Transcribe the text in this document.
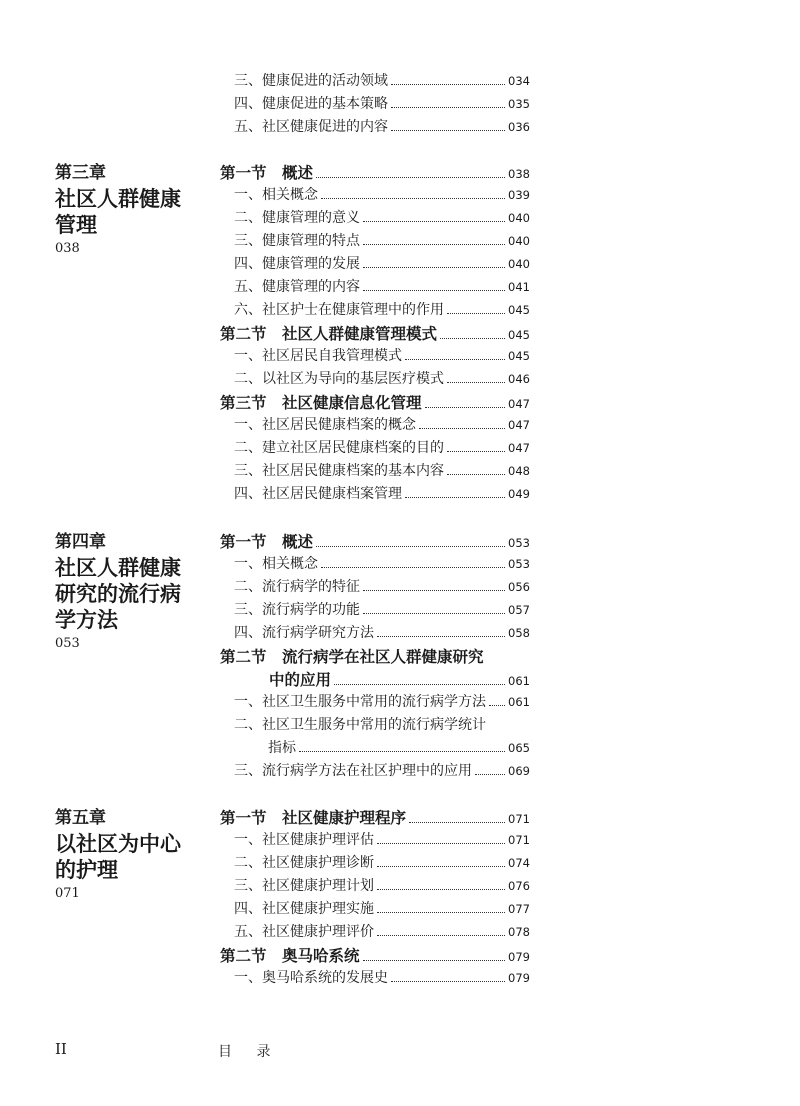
三、健康促进的活动领域	034
四、健康促进的基本策略	035
五、社区健康促进的内容	036
第三章
社区人群健康
管理
038
第一节　概述	038
一、相关概念	039
二、健康管理的意义	040
三、健康管理的特点	040
四、健康管理的发展	040
五、健康管理的内容	041
六、社区护士在健康管理中的作用	045
第二节　社区人群健康管理模式	045
一、社区居民自我管理模式	045
二、以社区为导向的基层医疗模式	046
第三节　社区健康信息化管理	047
一、社区居民健康档案的概念	047
二、建立社区居民健康档案的目的	047
三、社区居民健康档案的基本内容	048
四、社区居民健康档案管理	049
第四章
社区人群健康
研究的流行病
学方法
053
第一节　概述	053
一、相关概念	053
二、流行病学的特征	056
三、流行病学的功能	057
四、流行病学研究方法	058
第二节　流行病学在社区人群健康研究
中的应用	061
一、社区卫生服务中常用的流行病学方法 061
二、社区卫生服务中常用的流行病学统计
指标	065
三、流行病学方法在社区护理中的应用	069
第五章
以社区为中心
的护理
071
第一节　社区健康护理程序	071
一、社区健康护理评估	071
二、社区健康护理诊断	074
三、社区健康护理计划	076
四、社区健康护理实施	077
五、社区健康护理评价	078
第二节　奥马哈系统	079
一、奥马哈系统的发展史	079
II	目 录
